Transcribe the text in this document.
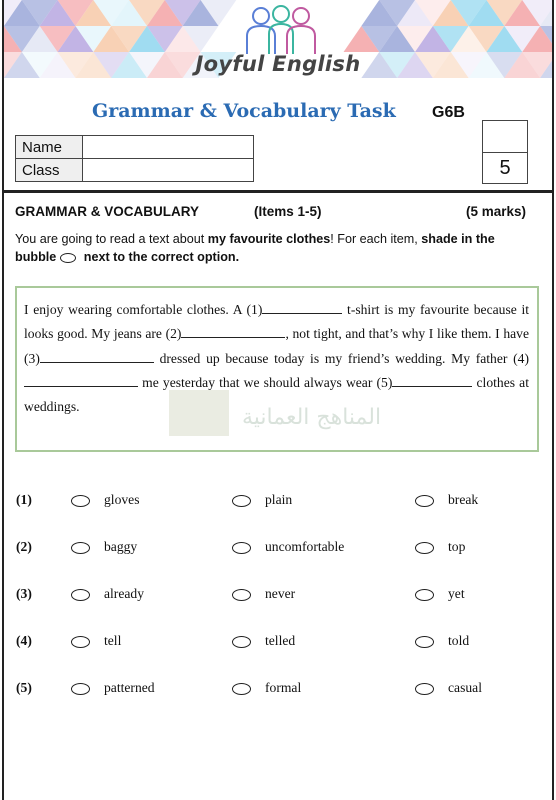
Joyful English
Grammar & Vocabulary Task G6B
Name	
Class		5
GRAMMAR & VOCABULARY	(Items 1-5)	(5 marks)
You are going to read a text about my favourite clothes! For each item, shade in the bubble next to the correct option.
I enjoy wearing comfortable clothes. A (1)	t-shirt is my favourite because it looks good. My jeans are (2)	, not tight, and that’s why I like them. I have (3)	dressed up because today is my friend’s wedding. My father (4) me yesterday that we should always wear (5)	clothes at weddings.	المناهج العمانية
(1)	gloves	plain	break
(2)	baggy	uncomfortable	top
(3)	already	never	yet
(4)	tell	telled	told
(5)	patterned	formal	casual
